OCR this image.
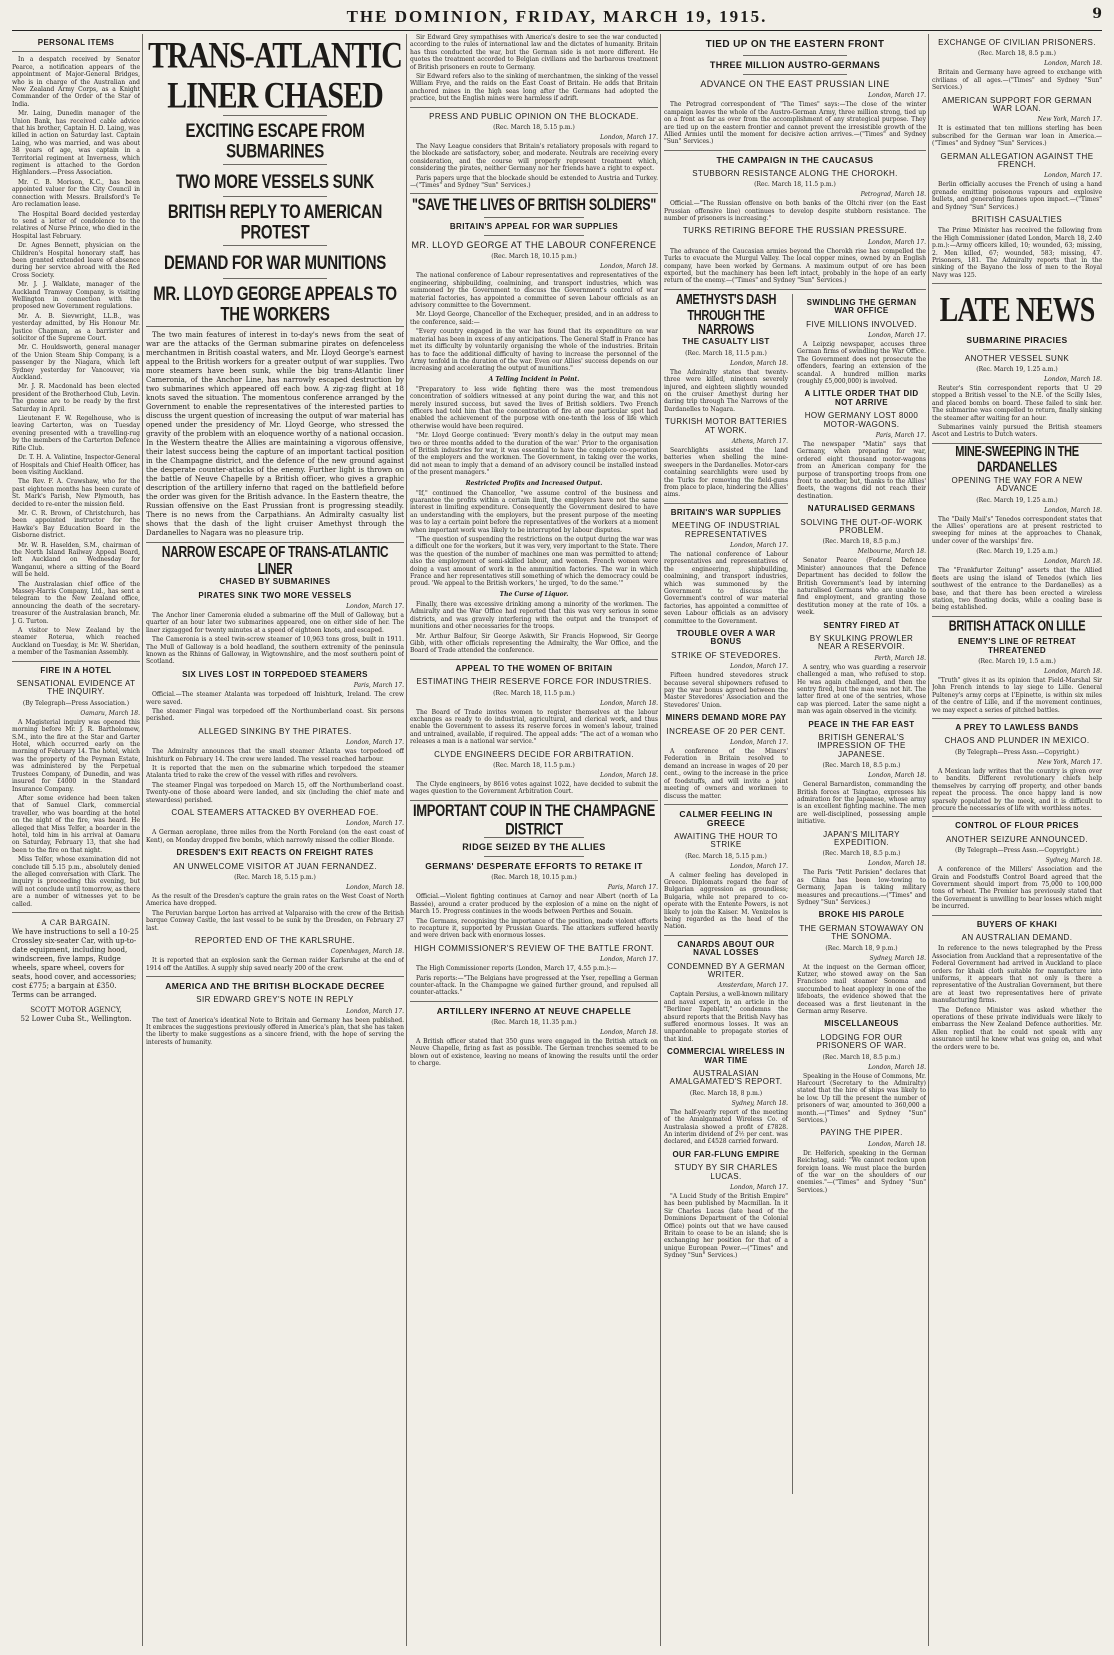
THE DOMINION, FRIDAY, MARCH 19, 1915.	9
PERSONAL ITEMS

In a despatch received by Senator Pearce, a notification appears of the appointment of Major-General Bridges, who is in charge of the Australian and New Zealand Army Corps, as a Knight Commander of the Order of the Star of India.

Mr. Laing, Dunedin manager of the Union Bank, has received cable advice that his brother, Captain H. D. Laing, was killed in action on Saturday last. Captain Laing, who was married, and was about 38 years of age, was captain in a Territorial regiment at Inverness, which regiment is attached to the Gordon Highlanders.—Press Association.

Mr. C. B. Morison, K.C., has been appointed valuer for the City Council in connection with Messrs. Brailsford's Te Aro reclamation lease.

The Hospital Board decided yesterday to send a letter of condolence to the relatives of Nurse Prince, who died in the Hospital last February.

Dr. Agnes Bennett, physician on the Children's Hospital honorary staff, has been granted extended leave of absence during her service abroad with the Red Cross Society.

Mr. J. J. Walklate, manager of the Auckland Tramway Company, is visiting Wellington in connection with the proposed new Government regulations.

Mr. A. B. Sievwright, LL.B., was yesterday admitted, by His Honour Mr. Justice Chapman, as a barrister and solicitor of the Supreme Court.

Mr. C. Houldsworth, general manager of the Union Steam Ship Company, is a passenger by the Niagara, which left Sydney yesterday for Vancouver, via Auckland.

Mr. J. R. Macdonald has been elected president of the Brotherhood Club, Levin. The gnome are to be ready by the first Saturday in April.

Lieutenant F. W. Regelhouse, who is leaving Carterton, was on Tuesday evening presented with a travelling-rug by the members of the Carterton Defence Rifle Club.

Dr. T. H. A. Valintine, Inspector-General of Hospitals and Chief Health Officer, has been visiting Auckland.

The Rev. F. A. Crawshaw, who for the past eighteen months has been curate of St. Mark's Parish, New Plymouth, has decided to re-enter the mission field.

Mr. C. R. Brown, of Christchurch, has been appointed instructor for the Hawke's Bay Education Board in the Gisborne district.

Mr. W. R. Haselden, S.M., chairman of the North Island Railway Appeal Board, left Auckland on Wednesday for Wanganui, where a sitting of the Board will be held.

The Australasian chief office of the Massey-Harris Company, Ltd., has sent a telegram to the New Zealand office, announcing the death of the secretary-treasurer of the Australasian branch, Mr. J. G. Turton.

A visitor to New Zealand by the steamer Roterua, which reached Auckland on Tuesday, is Mr. W. Sheridan, a member of the Tasmanian Assembly.

FIRE IN A HOTEL
SENSATIONAL EVIDENCE AT THE INQUIRY.
(By Telegraph—Press Association.)
Oamaru, March 18.

A Magisterial inquiry was opened this morning before Mr. J. R. Bartholomew, S.M., into the fire at the Star and Garter Hotel, which occurred early on the morning of February 14. The hotel, which was the property of the Peyman Estate, was administered by the Perpetual Trustees Company, of Dunedin, and was insured for £4000 in the Standard Insurance Company.

After some evidence had been taken that of Samuel Clark, commercial traveller, who was boarding at the hotel on the night of the fire, was heard. He alleged that Miss Telfer, a boarder in the hotel, told him in his arrival at Oamaru on Saturday, February 13, that she had been to the fire on that night.

Miss Telfer, whose examination did not conclude till 5.15 p.m., absolutely denied the alleged conversation with Clark. The inquiry is proceeding this evening, but will not conclude until tomorrow, as there are a number of witnesses yet to be called.

A CAR BARGAIN.
We have instructions to sell a 10-25 Crossley six-seater Car, with up-to-date equipment, including hood, windscreen, five lamps, Rudge wheels, spare wheel, covers for seats, hood cover, and accessories; cost £775; a bargain at £350. Terms can be arranged.
SCOTT MOTOR AGENCY,
52 Lower Cuba St., Wellington.
TRANS-ATLANTIC LINER CHASED
EXCITING ESCAPE FROM SUBMARINES
TWO MORE VESSELS SUNK
BRITISH REPLY TO AMERICAN PROTEST
DEMAND FOR WAR MUNITIONS
MR. LLOYD GEORGE APPEALS TO THE WORKERS

The two main features of interest in to-day's news from the seat of war are the attacks of the German submarine pirates on defenceless merchantmen in British coastal waters, and Mr. Lloyd George's earnest appeal to the British workers for a greater output of war supplies. Two more steamers have been sunk, while the big trans-Atlantic liner Cameronia, of the Anchor Line, has narrowly escaped destruction by two submarines which appeared off each bow. A zig-zag flight at 18 knots saved the situation. The momentous conference arranged by the Government to enable the representatives of the interested parties to discuss the urgent question of increasing the output of war material has opened under the presidency of Mr. Lloyd George, who stressed the gravity of the problem with an eloquence worthy of a national occasion. In the Western theatre the Allies are maintaining a vigorous offensive, their latest success being the capture of an important tactical position in the Champagne district, and the defence of the new ground against the desperate counter-attacks of the enemy. Further light is thrown on the battle of Neuve Chapelle by a British officer, who gives a graphic description of the artillery inferno that raged on the battlefield before the order was given for the British advance. In the Eastern theatre, the Russian offensive on the East Prussian front is progressing steadily. There is no news from the Carpathians. An Admiralty casualty list shows that the dash of the light cruiser Amethyst through the Dardanelles to Nagara was no pleasure trip.

NARROW ESCAPE OF TRANS-ATLANTIC LINER
CHASED BY SUBMARINES
PIRATES SINK TWO MORE VESSELS
London, March 17.

The Anchor liner Cameronia eluded a submarine off the Mull of Galloway, but a quarter of an hour later two submarines appeared, one on either side of her. The liner zigzagged for twenty minutes at a speed of eighteen knots, and escaped.

The Cameronia is a steel twin-screw steamer of 10,963 tons gross, built in 1911. The Mull of Galloway is a bold headland, the southern extremity of the peninsula known as the Rhinns of Galloway, in Wigtownshire, and the most southern point of Scotland.

SIX LIVES LOST IN TORPEDOED STEAMERS
Paris, March 17.

Official.—The steamer Atalanta was torpedoed off Inishturk, Ireland. The crew were saved.

The steamer Fingal was torpedoed off the Northumberland coast. Six persons perished.

ALLEGED SINKING BY THE PIRATES.
London, March 17.

The Admiralty announces that the small steamer Atlanta was torpedoed off Inishturk on February 14. The crew were landed. The vessel reached harbour.

It is reported that the men on the submarine which torpedoed the steamer Atalanta tried to rake the crew of the vessel with rifles and revolvers.

The steamer Fingal was torpedoed on March 15, off the Northumberland coast. Twenty-one of those aboard were landed, and six (including the chief mate and stewardess) perished.

COAL STEAMERS ATTACKED BY OVERHEAD FOE.
London, March 17.

A German aeroplane, three miles from the North Foreland (on the east coast of Kent), on Monday dropped five bombs, which narrowly missed the collier Blonde.

DRESDEN'S EXIT REACTS ON FREIGHT RATES
AN UNWELCOME VISITOR AT JUAN FERNANDEZ.
(Rec. March 18, 5.15 p.m.)
London, March 18.

As the result of the Dresden's capture the grain rates on the West Coast of North America have dropped.

The Peruvian barque Lorton has arrived at Valparaiso with the crew of the British barque Conway Castle, the last vessel to be sunk by the Dresden, on February 27 last.

REPORTED END OF THE KARLSRUHE.
Copenhagen, March 18.

It is reported that an explosion sank the German raider Karlsruhe at the end of 1914 off the Antilles. A supply ship saved nearly 200 of the crew.

AMERICA AND THE BRITISH BLOCKADE DECREE
SIR EDWARD GREY'S NOTE IN REPLY
London, March 17.

The text of America's identical Note to Britain and Germany has been published. It embraces the suggestions previously offered in America's plan, that she has taken the liberty to make suggestions as a sincere friend, with the hope of serving the interests of humanity.

Sir Edward Grey sympathises with America's desire to see the war conducted according to the rules of international law and the dictates of humanity. Britain has thus conducted the war, but the German side is not more different. He quotes the treatment accorded to Belgian civilians and the barbarous treatment of British prisoners en route to Germany.

Sir Edward refers also to the sinking of merchantmen, the sinking of the vessel William Frye, and the raids on the East Coast of Britain. He adds that Britain anchored mines in the high seas long after the Germans had adopted the practice, but the English mines were harmless if adrift.

PRESS AND PUBLIC OPINION ON THE BLOCKADE.
(Rec. March 18, 5.15 p.m.)
London, March 17.

The Navy League considers that Britain's retaliatory proposals with regard to the blockade are satisfactory, sober, and moderate. Neutrals are receiving every consideration, and the course will properly represent treatment which, considering the pirates, neither Germany nor her friends have a right to expect.

Paris papers urge that the blockade should be extended to Austria and Turkey.—("Times" and Sydney "Sun" Services.)

"SAVE THE LIVES OF BRITISH SOLDIERS"
BRITAIN'S APPEAL FOR WAR SUPPLIES
MR. LLOYD GEORGE AT THE LABOUR CONFERENCE
(Rec. March 18, 10.15 p.m.)
London, March 18.

The national conference of Labour representatives and representatives of the engineering, shipbuilding, coalmining, and transport industries, which was summoned by the Government to discuss the Government's control of war material factories, has appointed a committee of seven Labour officials as an advisory committee to the Government.

Mr. Lloyd George, Chancellor of the Exchequer, presided, and in an address to the conference, said:—

"Every country engaged in the war has found that its expenditure on war material has been in excess of any anticipations. The General Staff in France has met its difficulty by voluntarily organising the whole of the industries. Britain has to face the additional difficulty of having to increase the personnel of the Army tenfold in the duration of the war. Even our Allies' success depends on our increasing and accelerating the output of munitions."

A Telling Incident in Point.

"Preparatory to less wide fighting there was the most tremendous concentration of soldiers witnessed at any point during the war, and this not merely insured success, but saved the lives of British soldiers. Two French officers had told him that the concentration of fire at one particular spot had enabled the achievement of the purpose with one-tenth the loss of life which otherwise would have been required.

"Mr. Lloyd George continued: 'Every month's delay in the output may mean two or three months added to the duration of the war.' Prior to the organisation of British industries for war, it was essential to have the complete co-operation of the employers and the workmen. The Government, in taking over the works, did not mean to imply that a demand of an advisory council be installed instead of the present managers."

Restricted Profits and Increased Output.

"If," continued the Chancellor, "we assume control of the business and guarantee the profits within a certain limit, the employers have not the same interest in limiting expenditure. Consequently the Government desired to have an understanding with the employers, but the present purpose of the meeting was to lay a certain point before the representatives of the workers at a moment when important work was likely to be interrupted by labour disputes.

"The question of suspending the restrictions on the output during the war was a difficult one for the workers, but it was very, very important to the State. There was the question of the number of machines one man was permitted to attend; also the employment of semi-skilled labour, and women. French women were doing a vast amount of work in the ammunition factories. The war in which France and her representatives still something of which the democracy could be proud. 'We appeal to the British workers,' he urged, 'to do the same.'"

The Curse of Liquor.

Finally, there was excessive drinking among a minority of the workmen. The Admiralty and the War Office had reported that this was very serious in some districts, and was gravely interfering with the output and the transport of munitions and other necessaries for the troops.

Mr. Arthur Balfour, Sir George Askwith, Sir Francis Hopwood, Sir George Gibb, with other officials representing the Admiralty, the War Office, and the Board of Trade attended the conference.

APPEAL TO THE WOMEN OF BRITAIN
ESTIMATING THEIR RESERVE FORCE FOR INDUSTRIES.
(Rec. March 18, 11.5 p.m.)
London, March 18.

The Board of Trade invites women to register themselves at the labour exchanges as ready to do industrial, agricultural, and clerical work, and thus enable the Government to assess its reserve forces in women's labour, trained and untrained, available, if required. The appeal adds: "The act of a woman who releases a man is a national war service."

CLYDE ENGINEERS DECIDE FOR ARBITRATION.
(Rec. March 18, 11.5 p.m.)
London, March 18.

The Clyde engineers, by 8616 votes against 1022, have decided to submit the wages question to the Government Arbitration Court.

IMPORTANT COUP IN THE CHAMPAGNE DISTRICT
RIDGE SEIZED BY THE ALLIES
GERMANS' DESPERATE EFFORTS TO RETAKE IT
(Rec. March 18, 10.15 p.m.)
Paris, March 17.

Official.—Violent fighting continues at Carnoy and near Albert (north of La Bassée), around a crater produced by the explosion of a mine on the night of March 15. Progress continues in the woods between Perthes and Souain.

The Germans, recognising the importance of the position, made violent efforts to recapture it, supported by Prussian Guards. The attackers suffered heavily and were driven back with enormous losses.

HIGH COMMISSIONER'S REVIEW OF THE BATTLE FRONT.
London, March 17.

The High Commissioner reports (London, March 17, 4.55 p.m.):—

Paris reports:—"The Belgians have progressed at the Yser, repelling a German counter-attack. In the Champagne we gained further ground, and repulsed all counter-attacks."

ARTILLERY INFERNO AT NEUVE CHAPELLE
(Rec. March 18, 11.35 p.m.)
London, March 18.

A British officer stated that 350 guns were engaged in the British attack on Neuve Chapelle, firing as fast as possible. The German trenches seemed to be blown out of existence, leaving no means of knowing the results until the order to charge.

TIED UP ON THE EASTERN FRONT
THREE MILLION AUSTRO-GERMANS
ADVANCE ON THE EAST PRUSSIAN LINE
London, March 17.

The Petrograd correspondent of "The Times" says:—The close of the winter campaign leaves the whole of the Austro-German Army, three million strong, tied up on a front as far as over from the accomplishment of any strategical purpose. They are tied up on the eastern frontier and cannot prevent the irresistible growth of the Allied Armies until the moment for decisive action arrives.—("Times" and Sydney "Sun" Services.)

THE CAMPAIGN IN THE CAUCASUS
STUBBORN RESISTANCE ALONG THE CHOROKH.
(Rec. March 18, 11.5 p.m.)
Petrograd, March 18.

Official.—"The Russian offensive on both banks of the Oltchi river (on the East Prussian offensive line) continues to develop despite stubborn resistance. The number of prisoners is increasing."

TURKS RETIRING BEFORE THE RUSSIAN PRESSURE.
London, March 17.

The advance of the Caucasian armies beyond the Chorokh rise has compelled the Turks to evacuate the Murgul Valley. The local copper mines, owned by an English company, have been worked by Germans. A maximum output of ore has been exported, but the machinery has been left intact, probably in the hope of an early return of the enemy.—("Times" and Sydney "Sun" Services.)

AMETHYST'S DASH THROUGH THE NARROWS
THE CASUALTY LIST
(Rec. March 18, 11.5 p.m.)
London, March 18.

The Admiralty states that twenty-three were killed, nineteen severely injured, and eighteen slightly wounded on the cruiser Amethyst during her daring trip through The Narrows of the Dardanelles to Nagara.

TURKISH MOTOR BATTERIES AT WORK.
Athens, March 17.

Searchlights assisted the land batteries when shelling the mine-sweepers in the Dardanelles. Motor-cars containing searchlights were used by the Turks for removing the field-guns from place to place, hindering the Allies' aims.

BRITAIN'S WAR SUPPLIES
MEETING OF INDUSTRIAL REPRESENTATIVES
London, March 17.

The national conference of Labour representatives and representatives of the engineering, shipbuilding, coalmining, and transport industries, which was summoned by the Government to discuss the Government's control of war material factories, has appointed a committee of seven Labour officials as an advisory committee to the Government.

TROUBLE OVER A WAR BONUS
STRIKE OF STEVEDORES.
London, March 17.

Fifteen hundred stevedores struck because several shipowners refused to pay the war bonus agreed between the Master Stevedores' Association and the Stevedores' Union.

MINERS DEMAND MORE PAY
INCREASE OF 20 PER CENT.
London, March 17.

A conference of the Miners' Federation in Britain resolved to demand an increase in wages of 20 per cent., owing to the increase in the price of foodstuffs, and will invite a joint meeting of owners and workmen to discuss the matter.

CALMER FEELING IN GREECE
AWAITING THE HOUR TO STRIKE
(Rec. March 18, 5.15 p.m.)
London, March 17.

A calmer feeling has developed in Greece. Diplomats regard the fear of Bulgarian aggression as groundless; Bulgaria, while not prepared to co-operate with the Entente Powers, is not likely to join the Kaiser. M. Venizelos is being regarded as the head of the Nation.

CANARDS ABOUT OUR NAVAL LOSSES
CONDEMNED BY A GERMAN WRITER.
Amsterdam, March 17.

Captain Persius, a well-known military and naval expert, in an article in the "Berliner Tageblatt," condemns the absurd reports that the British Navy has suffered enormous losses. It was an unpardonable to propagate stories of that kind.

COMMERCIAL WIRELESS IN WAR TIME
AUSTRALASIAN AMALGAMATED'S REPORT.
(Rec. March 18, 8 p.m.)
Sydney, March 18.

The half-yearly report of the meeting of the Amalgamated Wireless Co. of Australasia showed a profit of £7828. An interim dividend of 2½ per cent. was declared, and £4528 carried forward.

OUR FAR-FLUNG EMPIRE
STUDY BY SIR CHARLES LUCAS.
London, March 17.

"A Lucid Study of the British Empire" has been published by Macmillan. In it Sir Charles Lucas (late head of the Dominions Department of the Colonial Office) points out that we have caused Britain to cease to be an island; she is exchanging her position for that of a unique European Power.—("Times" and Sydney "Sun" Services.)

SWINDLING THE GERMAN WAR OFFICE
FIVE MILLIONS INVOLVED.
London, March 17.

A Leipzig newspaper, accuses three German firms of swindling the War Office. The Government does not prosecute the offenders, fearing an extension of the scandal. A hundred million marks (roughly £5,000,000) is involved.

A LITTLE ORDER THAT DID NOT ARRIVE
HOW GERMANY LOST 8000 MOTOR-WAGONS.
Paris, March 17.

The newspaper "Matin" says that Germany, when preparing for war, ordered eight thousand motor-wagons from an American company for the purpose of transporting troops from one front to another, but, thanks to the Allies' fleets, the wagons did not reach their destination.

NATURALISED GERMANS
SOLVING THE OUT-OF-WORK PROBLEM.
(Rec. March 18, 8.5 p.m.)
Melbourne, March 18.

Senator Pearce (Federal Defence Minister) announces that the Defence Department has decided to follow the British Government's lead by interning naturalised Germans who are unable to find employment, and granting those destitution money at the rate of 10s. a week.

SENTRY FIRED AT
BY SKULKING PROWLER NEAR A RESERVOIR.
Perth, March 18.

A sentry, who was guarding a reservoir challenged a man, who refused to stop. He was again challenged, and then the sentry fired, but the man was not hit. The latter fired at one of the sentries, whose cap was pierced. Later the same night a man was again observed in the vicinity.

PEACE IN THE FAR EAST
BRITISH GENERAL'S IMPRESSION OF THE JAPANESE.
(Rec. March 18, 8.5 p.m.)
London, March 18.

General Barnardiston, commanding the British forces at Tsingtao, expresses his admiration for the Japanese, whose army is an excellent fighting machine. The men are well-disciplined, possessing ample initiative.

JAPAN'S MILITARY EXPEDITION.
(Rec. March 18, 8.5 p.m.)
London, March 18.

The Paris "Petit Parisien" declares that as China has been low-towing to Germany, Japan is taking military measures and precautions.—("Times" and Sydney "Sun" Services.)

BROKE HIS PAROLE
THE GERMAN STOWAWAY ON THE SONOMA.
(Rec. March 18, 9 p.m.)
Sydney, March 18.

At the inquest on the German officer, Kutzer, who stowed away on the San Francisco mail steamer Sonoma and succumbed to heat apoplexy in one of the lifeboats, the evidence showed that the deceased was a first lieutenant in the German army Reserve.

MISCELLANEOUS
LODGING FOR OUR PRISONERS OF WAR.
(Rec. March 18, 8.5 p.m.)
London, March 18.

Speaking in the House of Commons, Mr. Harcourt (Secretary to the Admiralty) stated that the hire of ships was likely to be low. Up till the present the number of prisoners of war, amounted to 360,000 a month.—("Times" and Sydney "Sun" Services.)

PAYING THE PIPER.
London, March 18.

Dr. Helferich, speaking in the German Reichstag, said: "We cannot reckon upon foreign loans. We must place the burden of the war on the shoulders of our enemies."—("Times" and Sydney "Sun" Services.)

EXCHANGE OF CIVILIAN PRISONERS.
(Rec. March 18, 8.5 p.m.)
London, March 18.

Britain and Germany have agreed to exchange with civilians of all ages.—("Times" and Sydney "Sun" Services.)

AMERICAN SUPPORT FOR GERMAN WAR LOAN.
New York, March 17.

It is estimated that ten millions sterling has been subscribed for the German war loan in America.—("Times" and Sydney "Sun" Services.)

GERMAN ALLEGATION AGAINST THE FRENCH.
London, March 17.

Berlin officially accuses the French of using a hand grenade emitting poisonous vapours and explosive bullets, and generating flames upon impact.—("Times" and Sydney "Sun" Services.)

BRITISH CASUALTIES

The Prime Minister has received the following from the High Commissioner (dated London, March 18, 2.40 p.m.):—Army officers killed, 10; wounded, 63; missing, 2. Men killed, 67; wounded, 583; missing, 47. Prisoners, 181. The Admiralty reports that in the sinking of the Bayano the loss of men to the Royal Navy was 125.

LATE NEWS
SUBMARINE PIRACIES
ANOTHER VESSEL SUNK
(Rec. March 19, 1.25 a.m.)
London, March 18.

Reuter's Stin correspondent reports that U 29 stopped a British vessel to the N.E. of the Scilly Isles, and placed bombs on board. These failed to sink her. The submarine was compelled to return, finally sinking the steamer after waiting for an hour.

Submarines vainly pursued the British steamers Ascot and Lestris to Dutch waters.

MINE-SWEEPING IN THE DARDANELLES
OPENING THE WAY FOR A NEW ADVANCE
(Rec. March 19, 1.25 a.m.)
London, March 18.

The "Daily Mail's" Tenedos correspondent states that the Allies' operations are at present restricted to sweeping for mines at the approaches to Chanak, under cover of the warships' fire.

(Rec. March 19, 1.25 a.m.)
London, March 18.

The "Frankfurter Zeitung" asserts that the Allied fleets are using the island of Tenedos (which lies southwest of the entrance to the Dardanelles) as a base, and that there has been erected a wireless station, two floating docks, while a coaling base is being established.

BRITISH ATTACK ON LILLE
ENEMY'S LINE OF RETREAT THREATENED
(Rec. March 19, 1.5 a.m.)
London, March 18.

"Truth" gives it as its opinion that Field-Marshal Sir John French intends to lay siege to Lille. General Pulteney's army corps at l'Epinette, is within six miles of the centre of Lille, and if the movement continues, we may expect a series of pitched battles.

A PREY TO LAWLESS BANDS
CHAOS AND PLUNDER IN MEXICO.
(By Telegraph—Press Assn.—Copyright.)
New York, March 17.

A Mexican lady writes that the country is given over to bandits. Different revolutionary chiefs help themselves by carrying off property, and other bands repeat the process. The once happy land is now sparsely populated by the meek, and it is difficult to procure the necessaries of life with worthless notes.

CONTROL OF FLOUR PRICES
ANOTHER SEIZURE ANNOUNCED.
(By Telegraph—Press Assn.—Copyright.)
Sydney, March 18.

A conference of the Millers' Association and the Grain and Foodstuffs Control Board agreed that the Government should import from 75,000 to 100,000 tons of wheat. The Premier has previously stated that the Government is unwilling to bear losses which might be incurred.

BUYERS OF KHAKI
AN AUSTRALIAN DEMAND.

In reference to the news telegraphed by the Press Association from Auckland that a representative of the Federal Government had arrived in Auckland to place orders for khaki cloth suitable for manufacture into uniforms, it appears that not only is there a representative of the Australian Government, but there are at least two representatives here of private manufacturing firms.

The Defence Minister was asked whether the operations of these private individuals were likely to embarrass the New Zealand Defence authorities. Mr. Allen replied that he could not speak with any assurance until he knew what was going on, and what the orders were to be.
